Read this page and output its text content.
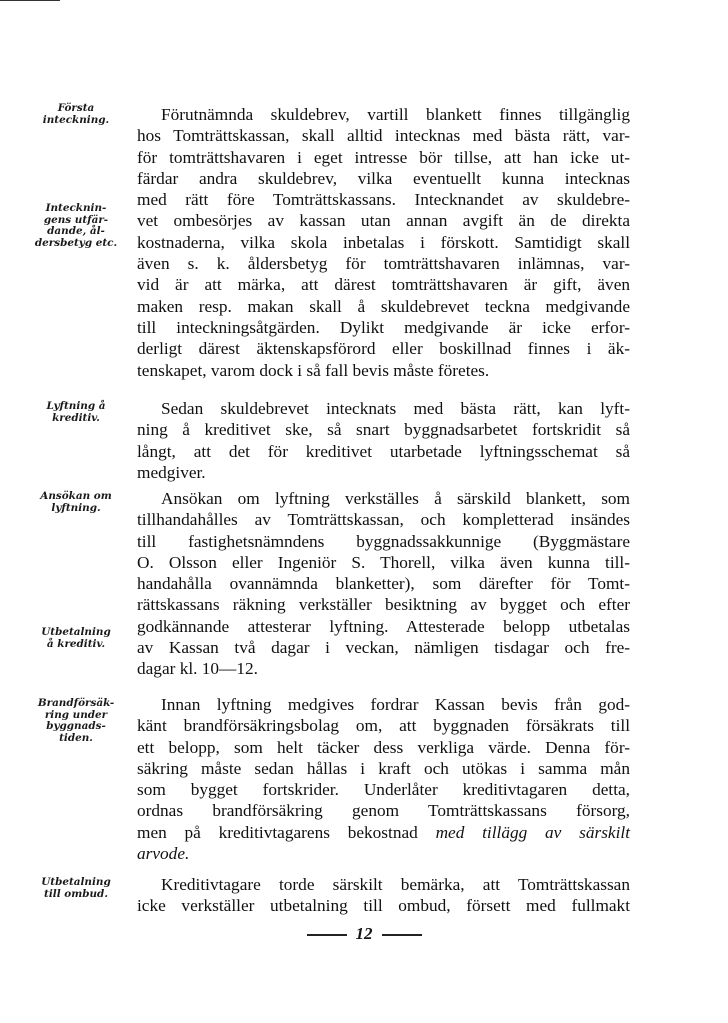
Första
inteckning.
Intecknin-
gens utfär-
dande, ål-
dersbetyg etc.
Lyftning å
kreditiv.
Ansökan om
lyftning.
Utbetalning
å kreditiv.
Brandförsäk-
ring under
byggnads-
tiden.
Utbetalning
till ombud.
Förutnämnda skuldebrev, vartill blankett finnes tillgänglig
hos Tomträttskassan, skall alltid intecknas med bästa rätt, var-
för tomträttshavaren i eget intresse bör tillse, att han icke ut-
färdar andra skuldebrev, vilka eventuellt kunna intecknas
med rätt före Tomträttskassans. Intecknandet av skuldebre-
vet ombesörjes av kassan utan annan avgift än de direkta
kostnaderna, vilka skola inbetalas i förskott. Samtidigt skall
även s. k. åldersbetyg för tomträttshavaren inlämnas, var-
vid är att märka, att därest tomträttshavaren är gift, även
maken resp. makan skall å skuldebrevet teckna medgivande
till inteckningsåtgärden. Dylikt medgivande är icke erfor-
derligt därest äktenskapsförord eller boskillnad finnes i äk-
tenskapet, varom dock i så fall bevis måste företes.
Sedan skuldebrevet intecknats med bästa rätt, kan lyft-
ning å kreditivet ske, så snart byggnadsarbetet fortskridit så
långt, att det för kreditivet utarbetade lyftningsschemat så
medgiver.
Ansökan om lyftning verkställes å särskild blankett, som
tillhandahålles av Tomträttskassan, och kompletterad insändes
till fastighetsnämndens byggnadssakkunnige (Byggmästare
O. Olsson eller Ingeniör S. Thorell, vilka även kunna till-
handahålla ovannämnda blanketter), som därefter för Tomt-
rättskassans räkning verkställer besiktning av bygget och efter
godkännande attesterar lyftning. Attesterade belopp utbetalas
av Kassan två dagar i veckan, nämligen tisdagar och fre-
dagar kl. 10—12.
Innan lyftning medgives fordrar Kassan bevis från god-
känt brandförsäkringsbolag om, att byggnaden försäkrats till
ett belopp, som helt täcker dess verkliga värde. Denna för-
säkring måste sedan hållas i kraft och utökas i samma mån
som bygget fortskrider. Underlåter kreditivtagaren detta,
ordnas brandförsäkring genom Tomträttskassans försorg,
men på kreditivtagarens bekostnad med tillägg av särskilt
arvode.
Kreditivtagare torde särskilt bemärka, att Tomträttskassan
icke verkställer utbetalning till ombud, försett med fullmakt
12
